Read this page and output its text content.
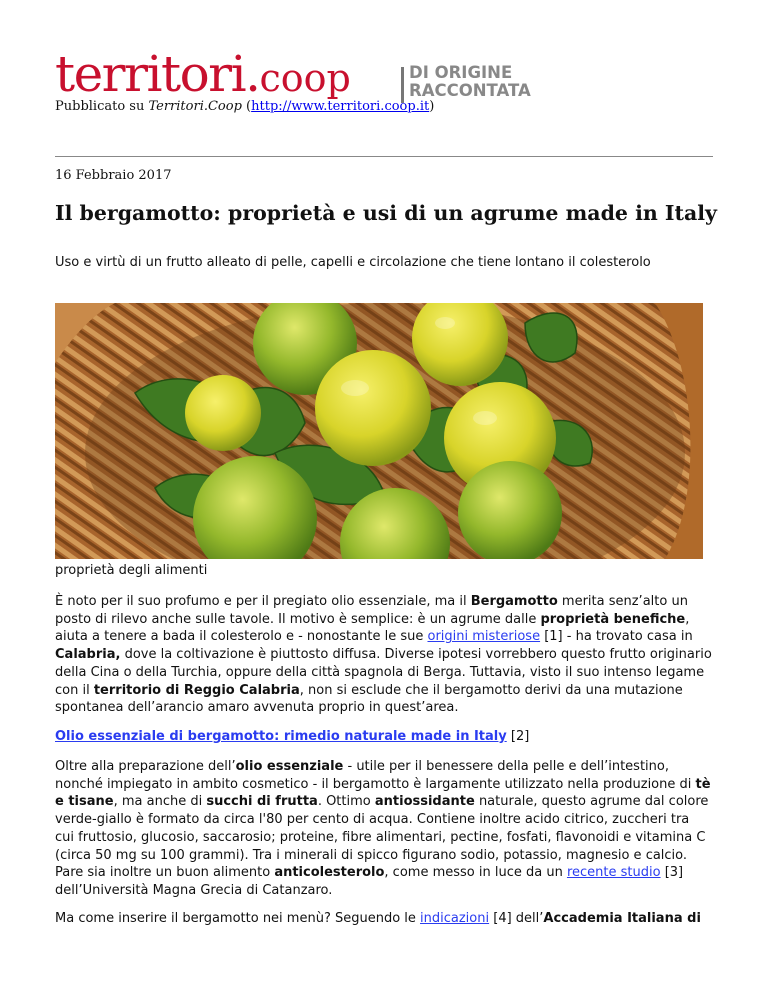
territori.coop	DI ORIGINE
RACCONTATA
Pubblicato su Territori.Coop (http://www.territori.coop.it)
16 Febbraio 2017
Il bergamotto: proprietà e usi di un agrume made in Italy
Uso e virtù di un frutto alleato di pelle, capelli e circolazione che tiene lontano il colesterolo
proprietà degli alimenti

È noto per il suo profumo e per il pregiato olio essenziale, ma il Bergamotto merita senz’alto un
posto di rilevo anche sulle tavole. Il motivo è semplice: è un agrume dalle proprietà benefiche,
aiuta a tenere a bada il colesterolo e - nonostante le sue origini misteriose [1] - ha trovato casa in
Calabria, dove la coltivazione è piuttosto diffusa. Diverse ipotesi vorrebbero questo frutto originario
della Cina o della Turchia, oppure della città spagnola di Berga. Tuttavia, visto il suo intenso legame
con il territorio di Reggio Calabria, non si esclude che il bergamotto derivi da una mutazione
spontanea dell’arancio amaro avvenuta proprio in quest’area.

Olio essenziale di bergamotto: rimedio naturale made in Italy [2]

Oltre alla preparazione dell’olio essenziale - utile per il benessere della pelle e dell’intestino,
nonché impiegato in ambito cosmetico - il bergamotto è largamente utilizzato nella produzione di tè
e tisane, ma anche di succhi di frutta. Ottimo antiossidante naturale, questo agrume dal colore
verde-giallo è formato da circa l'80 per cento di acqua. Contiene inoltre acido citrico, zuccheri tra
cui fruttosio, glucosio, saccarosio; proteine, fibre alimentari, pectine, fosfati, flavonoidi e vitamina C
(circa 50 mg su 100 grammi). Tra i minerali di spicco figurano sodio, potassio, magnesio e calcio.
Pare sia inoltre un buon alimento anticolesterolo, come messo in luce da un recente studio [3]
dell’Università Magna Grecia di Catanzaro.

Ma come inserire il bergamotto nei menù? Seguendo le indicazioni [4] dell’Accademia Italiana di
